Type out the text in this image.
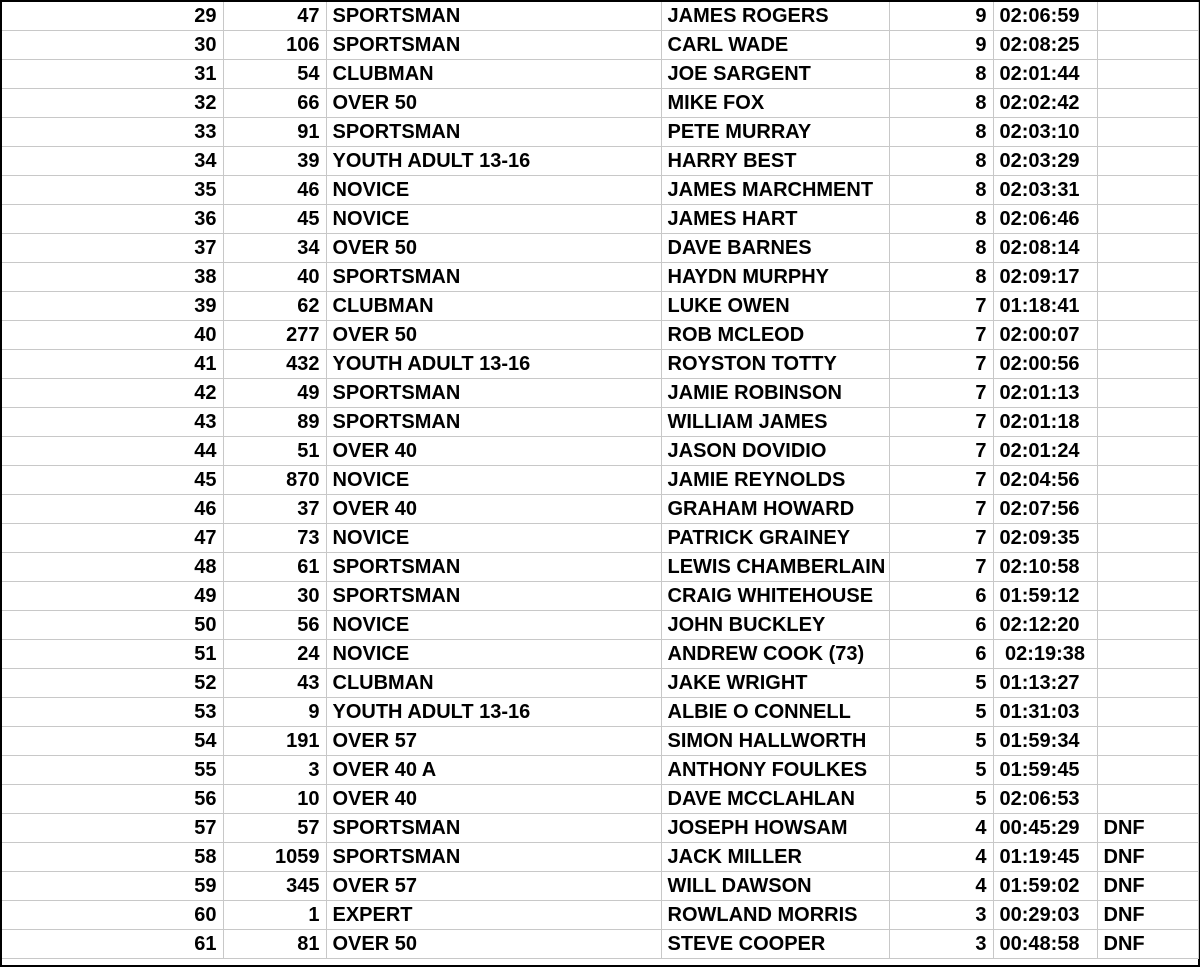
29	47	SPORTSMAN	JAMES ROGERS	9	02:06:59	
30	106	SPORTSMAN	CARL WADE	9	02:08:25	
31	54	CLUBMAN	JOE SARGENT	8	02:01:44	
32	66	OVER 50	MIKE FOX	8	02:02:42	
33	91	SPORTSMAN	PETE MURRAY	8	02:03:10	
34	39	YOUTH ADULT 13-16	HARRY BEST	8	02:03:29	
35	46	NOVICE	JAMES MARCHMENT	8	02:03:31	
36	45	NOVICE	JAMES HART	8	02:06:46	
37	34	OVER 50	DAVE BARNES	8	02:08:14	
38	40	SPORTSMAN	HAYDN MURPHY	8	02:09:17	
39	62	CLUBMAN	LUKE OWEN	7	01:18:41	
40	277	OVER 50	ROB MCLEOD	7	02:00:07	
41	432	YOUTH ADULT 13-16	ROYSTON TOTTY	7	02:00:56	
42	49	SPORTSMAN	JAMIE ROBINSON	7	02:01:13	
43	89	SPORTSMAN	WILLIAM JAMES	7	02:01:18	
44	51	OVER 40	JASON DOVIDIO	7	02:01:24	
45	870	NOVICE	JAMIE REYNOLDS	7	02:04:56	
46	37	OVER 40	GRAHAM HOWARD	7	02:07:56	
47	73	NOVICE	PATRICK GRAINEY	7	02:09:35	
48	61	SPORTSMAN	LEWIS CHAMBERLAIN	7	02:10:58	
49	30	SPORTSMAN	CRAIG WHITEHOUSE	6	01:59:12	
50	56	NOVICE	JOHN BUCKLEY	6	02:12:20	
51	24	NOVICE	ANDREW COOK (73)	6	02:19:38	
52	43	CLUBMAN	JAKE WRIGHT	5	01:13:27	
53	9	YOUTH ADULT 13-16	ALBIE O CONNELL	5	01:31:03	
54	191	OVER 57	SIMON HALLWORTH	5	01:59:34	
55	3	OVER 40 A	ANTHONY FOULKES	5	01:59:45	
56	10	OVER 40	DAVE MCCLAHLAN	5	02:06:53	
57	57	SPORTSMAN	JOSEPH HOWSAM	4	00:45:29	DNF
58	1059	SPORTSMAN	JACK MILLER	4	01:19:45	DNF
59	345	OVER 57	WILL DAWSON	4	01:59:02	DNF
60	1	EXPERT	ROWLAND MORRIS	3	00:29:03	DNF
61	81	OVER 50	STEVE COOPER	3	00:48:58	DNF
